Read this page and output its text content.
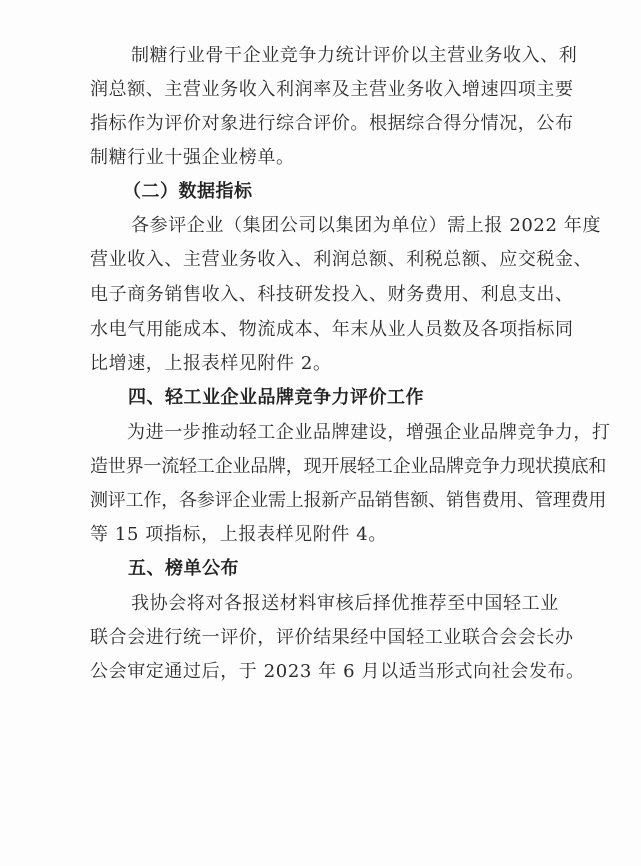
制糖行业骨干企业竞争力统计评价以主营业务收入、利
润总额、主营业务收入利润率及主营业务收入增速四项主要
指标作为评价对象进行综合评价。根据综合得分情况，公布
制糖行业十强企业榜单。
（二）数据指标
各参评企业（集团公司以集团为单位）需上报 2022 年度
营业收入、主营业务收入、利润总额、利税总额、应交税金、
电子商务销售收入、科技研发投入、财务费用、利息支出、
水电气用能成本、物流成本、年末从业人员数及各项指标同
比增速，上报表样见附件 2。
四、轻工业企业品牌竞争力评价工作
为进一步推动轻工企业品牌建设，增强企业品牌竞争力，打
造世界一流轻工企业品牌，现开展轻工企业品牌竞争力现状摸底和
测评工作，各参评企业需上报新产品销售额、销售费用、管理费用
等 15 项指标，上报表样见附件 4。
五、榜单公布
我协会将对各报送材料审核后择优推荐至中国轻工业
联合会进行统一评价，评价结果经中国轻工业联合会会长办
公会审定通过后，于 2023 年 6 月以适当形式向社会发布。
